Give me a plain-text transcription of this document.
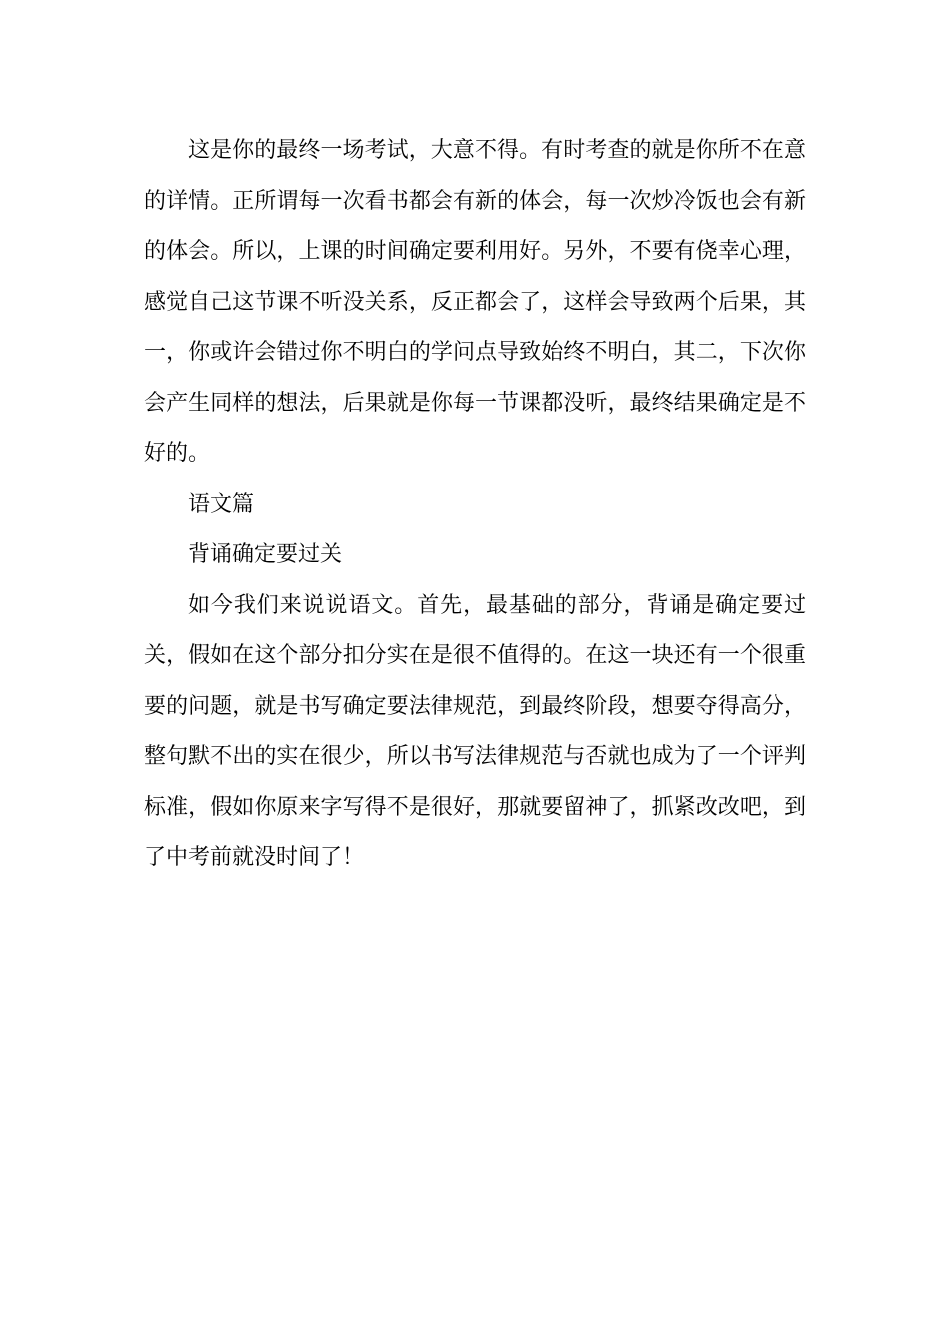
这是你的最终一场考试，大意不得。有时考查的就是你所不在意的详情。正所谓每一次看书都会有新的体会，每一次炒冷饭也会有新的体会。所以，上课的时间确定要利用好。另外，不要有侥幸心理，感觉自己这节课不听没关系，反正都会了，这样会导致两个后果，其一，你或许会错过你不明白的学问点导致始终不明白，其二，下次你会产生同样的想法，后果就是你每一节课都没听，最终结果确定是不好的。

语文篇

背诵确定要过关

如今我们来说说语文。首先，最基础的部分，背诵是确定要过关，假如在这个部分扣分实在是很不值得的。在这一块还有一个很重要的问题，就是书写确定要法律规范，到最终阶段，想要夺得高分，整句默不出的实在很少，所以书写法律规范与否就也成为了一个评判标准，假如你原来字写得不是很好，那就要留神了，抓紧改改吧，到了中考前就没时间了！
